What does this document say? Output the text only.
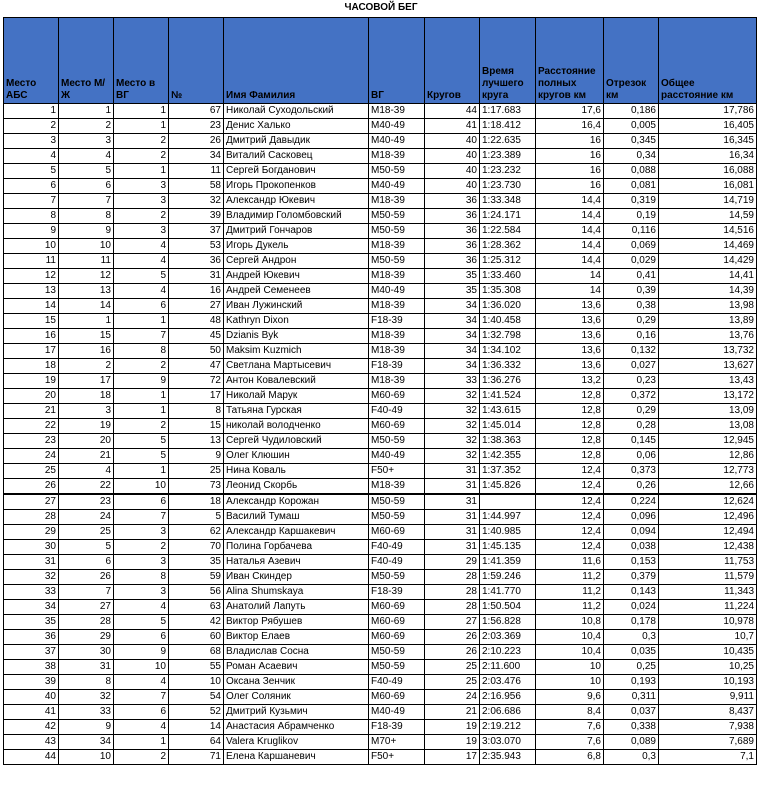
ЧАСОВОЙ БЕГ
Место АБС	Место М/Ж	Место в ВГ	№	Имя Фамилия	ВГ	Кругов	Время лучшего круга	Расстояние полных кругов км	Отрезок км	Общее расстояние км
1	1	1	67	Николай Суходольский	M18-39	44	1:17.683	17,6	0,186	17,786
2	2	1	23	Денис Халько	M40-49	41	1:18.412	16,4	0,005	16,405
3	3	2	26	Дмитрий Давыдик	M40-49	40	1:22.635	16	0,345	16,345
4	4	2	34	Виталий Сасковец	M18-39	40	1:23.389	16	0,34	16,34
5	5	1	11	Сергей Богданович	M50-59	40	1:23.232	16	0,088	16,088
6	6	3	58	Игорь Прокопенков	M40-49	40	1:23.730	16	0,081	16,081
7	7	3	32	Александр Юкевич	M18-39	36	1:33.348	14,4	0,319	14,719
8	8	2	39	Владимир Голомбовский	M50-59	36	1:24.171	14,4	0,19	14,59
9	9	3	37	Дмитрий Гончаров	M50-59	36	1:22.584	14,4	0,116	14,516
10	10	4	53	Игорь Дукель	M18-39	36	1:28.362	14,4	0,069	14,469
11	11	4	36	Сергей Андрон	M50-59	36	1:25.312	14,4	0,029	14,429
12	12	5	31	Андрей Юкевич	M18-39	35	1:33.460	14	0,41	14,41
13	13	4	16	Андрей Семенеев	M40-49	35	1:35.308	14	0,39	14,39
14	14	6	27	Иван Лужинский	M18-39	34	1:36.020	13,6	0,38	13,98
15	1	1	48	Kathryn Dixon	F18-39	34	1:40.458	13,6	0,29	13,89
16	15	7	45	Dzianis Byk	M18-39	34	1:32.798	13,6	0,16	13,76
17	16	8	50	Maksim Kuzmich	M18-39	34	1:34.102	13,6	0,132	13,732
18	2	2	47	Светлана Мартысевич	F18-39	34	1:36.332	13,6	0,027	13,627
19	17	9	72	Антон Ковалевский	M18-39	33	1:36.276	13,2	0,23	13,43
20	18	1	17	Николай Марук	M60-69	32	1:41.524	12,8	0,372	13,172
21	3	1	8	Татьяна Гурская	F40-49	32	1:43.615	12,8	0,29	13,09
22	19	2	15	николай володченко	M60-69	32	1:45.014	12,8	0,28	13,08
23	20	5	13	Сергей Чудиловский	M50-59	32	1:38.363	12,8	0,145	12,945
24	21	5	9	Олег Клюшин	M40-49	32	1:42.355	12,8	0,06	12,86
25	4	1	25	Нина Коваль	F50+	31	1:37.352	12,4	0,373	12,773
26	22	10	73	Леонид Скорбь	M18-39	31	1:45.826	12,4	0,26	12,66
27	23	6	18	Александр Корожан	M50-59	31		12,4	0,224	12,624
28	24	7	5	Василий Тумаш	M50-59	31	1:44.997	12,4	0,096	12,496
29	25	3	62	Александр Каршакевич	M60-69	31	1:40.985	12,4	0,094	12,494
30	5	2	70	Полина Горбачева	F40-49	31	1:45.135	12,4	0,038	12,438
31	6	3	35	Наталья Азевич	F40-49	29	1:41.359	11,6	0,153	11,753
32	26	8	59	Иван Скиндер	M50-59	28	1:59.246	11,2	0,379	11,579
33	7	3	56	Alina Shumskaya	F18-39	28	1:41.770	11,2	0,143	11,343
34	27	4	63	Анатолий Лапуть	M60-69	28	1:50.504	11,2	0,024	11,224
35	28	5	42	Виктор Рябушев	M60-69	27	1:56.828	10,8	0,178	10,978
36	29	6	60	Виктор Елаев	M60-69	26	2:03.369	10,4	0,3	10,7
37	30	9	68	Владислав Сосна	M50-59	26	2:10.223	10,4	0,035	10,435
38	31	10	55	Роман Асаевич	M50-59	25	2:11.600	10	0,25	10,25
39	8	4	10	Оксана Зенчик	F40-49	25	2:03.476	10	0,193	10,193
40	32	7	54	Олег Соляник	M60-69	24	2:16.956	9,6	0,311	9,911
41	33	6	52	Дмитрий Кузьмич	M40-49	21	2:06.686	8,4	0,037	8,437
42	9	4	14	Анастасия Абрамченко	F18-39	19	2:19.212	7,6	0,338	7,938
43	34	1	64	Valera Kruglikov	M70+	19	3:03.070	7,6	0,089	7,689
44	10	2	71	Елена Каршаневич	F50+	17	2:35.943	6,8	0,3	7,1
